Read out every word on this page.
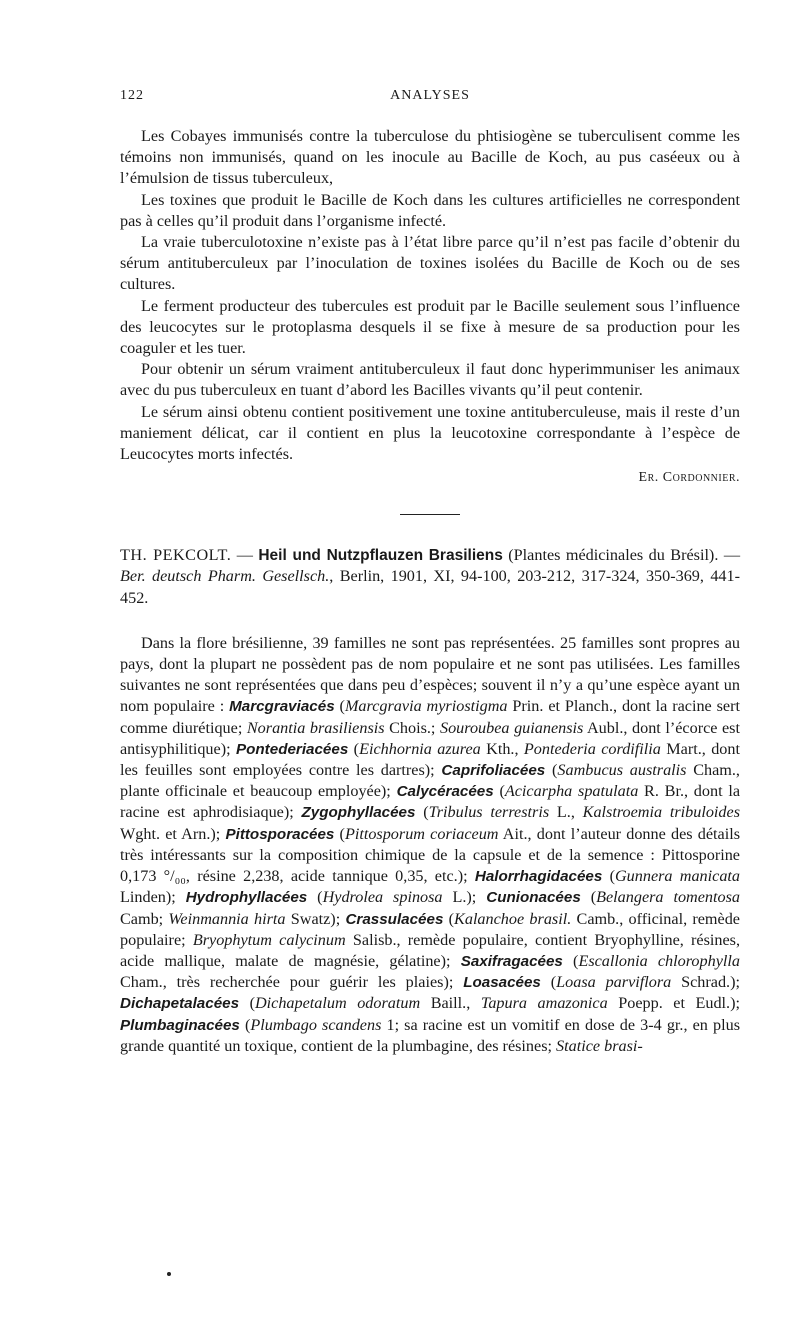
122	ANALYSES

Les Cobayes immunisés contre la tuberculose du phtisiogène se tuberculisent comme les témoins non immunisés, quand on les inocule au Bacille de Koch, au pus caséeux ou à l’émulsion de tissus tuberculeux,

Les toxines que produit le Bacille de Koch dans les cultures artificielles ne correspondent pas à celles qu’il produit dans l’organisme infecté.

La vraie tuberculotoxine n’existe pas à l’état libre parce qu’il n’est pas facile d’obtenir du sérum antituberculeux par l’inoculation de toxines isolées du Bacille de Koch ou de ses cultures.

Le ferment producteur des tubercules est produit par le Bacille seulement sous l’influence des leucocytes sur le protoplasma desquels il se fixe à mesure de sa production pour les coaguler et les tuer.

Pour obtenir un sérum vraiment antituberculeux il faut donc hyperimmuniser les animaux avec du pus tuberculeux en tuant d’abord les Bacilles vivants qu’il peut contenir.

Le sérum ainsi obtenu contient positivement une toxine antituberculeuse, mais il reste d’un maniement délicat, car il contient en plus la leucotoxine correspondante à l’espèce de Leucocytes morts infectés.

Er. Cordonnier.
TH. PEKCOLT. — Heil und Nutzpflauzen Brasiliens (Plantes médicinales du Brésil). — Ber. deutsch Pharm. Gesellsch., Berlin, 1901, XI, 94-100, 203-212, 317-324, 350-369, 441-452.

Dans la flore brésilienne, 39 familles ne sont pas représentées. 25 familles sont propres au pays, dont la plupart ne possèdent pas de nom populaire et ne sont pas utilisées. Les familles suivantes ne sont représentées que dans peu d’espèces; souvent il n’y a qu’une espèce ayant un nom populaire : Marcgraviacés (Marcgravia myriostigma Prin. et Planch., dont la racine sert comme diurétique; Norantia brasiliensis Chois.; Souroubea guianensis Aubl., dont l’écorce est antisyphilitique); Pontederiacées (Eichhornia azurea Kth., Pontederia cordifilia Mart., dont les feuilles sont employées contre les dartres); Caprifoliacées (Sambucus australis Cham., plante officinale et beaucoup employée); Calycéracées (Acicarpha spatulata R. Br., dont la racine est aphrodisiaque); Zygophyllacées (Tribulus terrestris L., Kalstroemia tribuloides Wght. et Arn.); Pittosporacées (Pittosporum coriaceum Ait., dont l’auteur donne des détails très intéressants sur la composition chimique de la capsule et de la semence : Pittosporine 0,173 °/₀₀, résine 2,238, acide tannique 0,35, etc.); Halorrhagidacées (Gunnera manicata Linden); Hydrophyllacées (Hydrolea spinosa L.); Cunionacées (Belangera tomentosa Camb; Weinmannia hirta Swatz); Crassulacées (Kalanchoe brasil. Camb., officinal, remède populaire; Bryophytum calycinum Salisb., remède populaire, contient Bryophylline, résines, acide mallique, malate de magnésie, gélatine); Saxifragacées (Escallonia chlorophylla Cham., très recherchée pour guérir les plaies); Loasacées (Loasa parviflora Schrad.); Dichapetalacées (Dichapetalum odoratum Baill., Tapura amazonica Poepp. et Eudl.); Plumbaginacées (Plumbago scandens 1; sa racine est un vomitif en dose de 3-4 gr., en plus grande quantité un toxique, contient de la plumbagine, des résines; Statice brasi-
